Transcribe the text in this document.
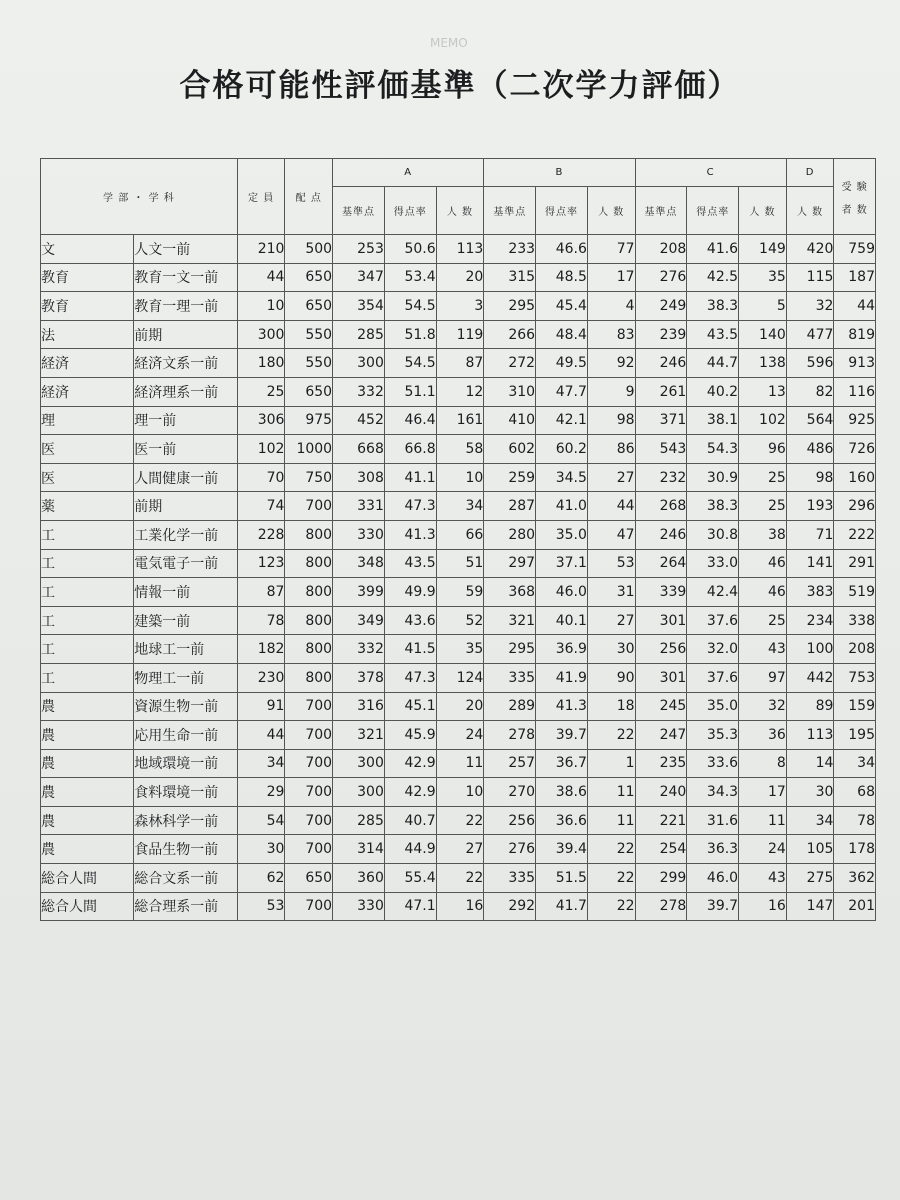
MEMO
合格可能性評価基準（二次学力評価）
学 部 ・ 学 科		定 員	配 点	A			B			C			D	受 験
者 数

				基準点	得点率	人 数	基準点	得点率	人 数	基準点	得点率	人 数	人 数	
文	人文一前	210	500	253	50.6	113	233	46.6	77	208	41.6	149	420	759
教育	教育一文一前	44	650	347	53.4	20	315	48.5	17	276	42.5	35	115	187
教育	教育一理一前	10	650	354	54.5	3	295	45.4	4	249	38.3	5	32	44
法	前期	300	550	285	51.8	119	266	48.4	83	239	43.5	140	477	819
経済	経済文系一前	180	550	300	54.5	87	272	49.5	92	246	44.7	138	596	913
経済	経済理系一前	25	650	332	51.1	12	310	47.7	9	261	40.2	13	82	116
理	理一前	306	975	452	46.4	161	410	42.1	98	371	38.1	102	564	925
医	医一前	102	1000	668	66.8	58	602	60.2	86	543	54.3	96	486	726
医	人間健康一前	70	750	308	41.1	10	259	34.5	27	232	30.9	25	98	160
薬	前期	74	700	331	47.3	34	287	41.0	44	268	38.3	25	193	296
工	工業化学一前	228	800	330	41.3	66	280	35.0	47	246	30.8	38	71	222
工	電気電子一前	123	800	348	43.5	51	297	37.1	53	264	33.0	46	141	291
工	情報一前	87	800	399	49.9	59	368	46.0	31	339	42.4	46	383	519
工	建築一前	78	800	349	43.6	52	321	40.1	27	301	37.6	25	234	338
工	地球工一前	182	800	332	41.5	35	295	36.9	30	256	32.0	43	100	208
工	物理工一前	230	800	378	47.3	124	335	41.9	90	301	37.6	97	442	753
農	資源生物一前	91	700	316	45.1	20	289	41.3	18	245	35.0	32	89	159
農	応用生命一前	44	700	321	45.9	24	278	39.7	22	247	35.3	36	113	195
農	地域環境一前	34	700	300	42.9	11	257	36.7	1	235	33.6	8	14	34
農	食料環境一前	29	700	300	42.9	10	270	38.6	11	240	34.3	17	30	68
農	森林科学一前	54	700	285	40.7	22	256	36.6	11	221	31.6	11	34	78
農	食品生物一前	30	700	314	44.9	27	276	39.4	22	254	36.3	24	105	178
総合人間	総合文系一前	62	650	360	55.4	22	335	51.5	22	299	46.0	43	275	362
総合人間	総合理系一前	53	700	330	47.1	16	292	41.7	22	278	39.7	16	147	201
